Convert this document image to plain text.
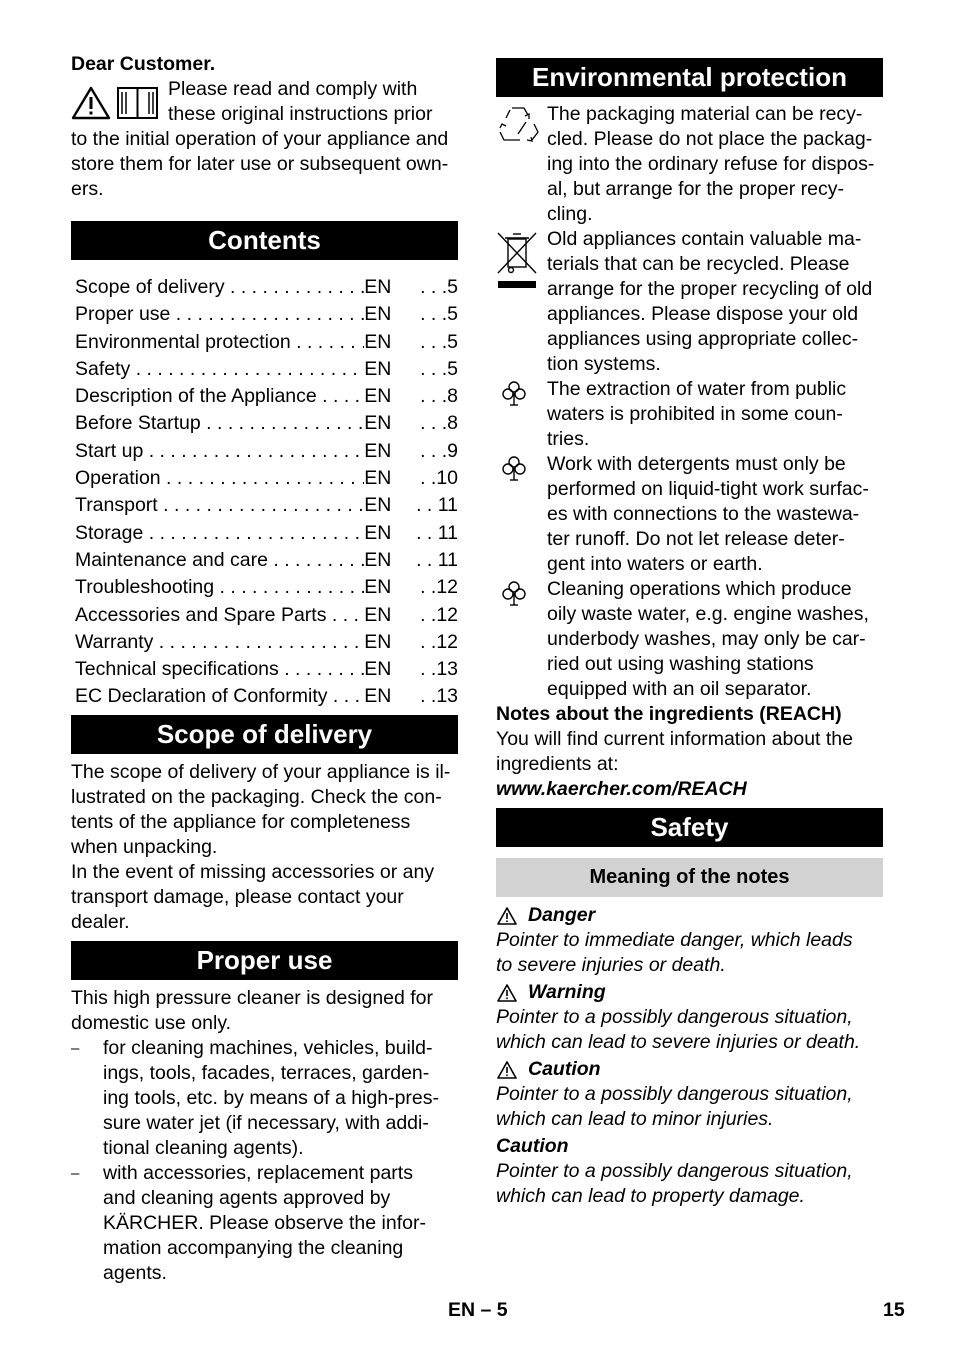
Dear Customer.
Please read and comply with
these original instructions prior
to the initial operation of your appliance and
store them for later use or subsequent own-
ers.
Contents
Scope of delivery . . .	EN	. . .5
Proper use . . .	EN	. . .5
Environmental protection . . .	EN	. . .5
Safety . . .	EN	. . .5
Description of the Appliance . . .	EN	. . .8
Before Startup . . .	EN	. . .8
Start up . . .	EN	. . .9
Operation . . .	EN	. .10
Transport . . .	EN	. . 11
Storage . . .	EN	. . 11
Maintenance and care . . .	EN	. . 11
Troubleshooting . . .	EN	. .12
Accessories and Spare Parts . . .	EN	. .12
Warranty . . .	EN	. .12
Technical specifications . . .	EN	. .13
EC Declaration of Conformity . . .	EN	. .13
Scope of delivery
The scope of delivery of your appliance is il-
lustrated on the packaging. Check the con-
tents of the appliance for completeness
when unpacking.
In the event of missing accessories or any
transport damage, please contact your
dealer.
Proper use
This high pressure cleaner is designed for
domestic use only.
– for cleaning machines, vehicles, build-
ings, tools, facades, terraces, garden-
ing tools, etc. by means of a high-pres-
sure water jet (if necessary, with addi-
tional cleaning agents).
– with accessories, replacement parts
and cleaning agents approved by
KÄRCHER. Please observe the infor-
mation accompanying the cleaning
agents.
Environmental protection
The packaging material can be recy-
cled. Please do not place the packag-
ing into the ordinary refuse for dispos-
al, but arrange for the proper recy-
cling.
Old appliances contain valuable ma-
terials that can be recycled. Please
arrange for the proper recycling of old
appliances. Please dispose your old
appliances using appropriate collec-
tion systems.
The extraction of water from public
waters is prohibited in some coun-
tries.
Work with detergents must only be
performed on liquid-tight work surfac-
es with connections to the wastewa-
ter runoff. Do not let release deter-
gent into waters or earth.
Cleaning operations which produce
oily waste water, e.g. engine washes,
underbody washes, may only be car-
ried out using washing stations
equipped with an oil separator.
Notes about the ingredients (REACH)
You will find current information about the
ingredients at:
www.kaercher.com/REACH
Safety
Meaning of the notes
Danger
Pointer to immediate danger, which leads
to severe injuries or death.
Warning
Pointer to a possibly dangerous situation,
which can lead to severe injuries or death.
Caution
Pointer to a possibly dangerous situation,
which can lead to minor injuries.
Caution
Pointer to a possibly dangerous situation,
which can lead to property damage.
EN – 5	15
